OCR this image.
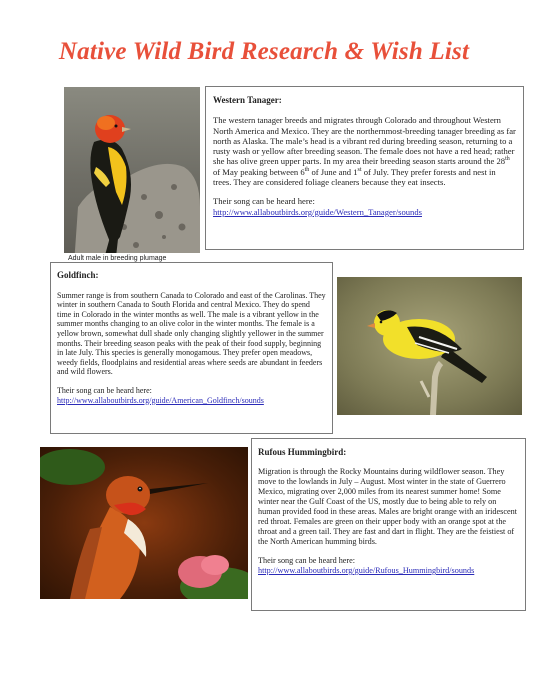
Native Wild Bird Research & Wish List
Adult male in breeding plumage
Western Tanager:

The western tanager breeds and migrates through Colorado and throughout Western North America and Mexico. They are the northernmost-breeding tanager breeding as far north as Alaska. The male’s head is a vibrant red during breeding season, returning to a rusty wash or yellow after breeding season. The female does not have a red head; rather she has olive green upper parts. In my area their breeding season starts around the 28th of May peaking between 6th of June and 1st of July. They prefer forests and nest in trees. They are considered foliage cleaners because they eat insects.

Their song can be heard here:

http://www.allaboutbirds.org/guide/Western_Tanager/sounds

Goldfinch:

Summer range is from southern Canada to Colorado and east of the Carolinas. They winter in southern Canada to South Florida and central Mexico. They do spend time in Colorado in the winter months as well. The male is a vibrant yellow in the summer months changing to an olive color in the winter months. The female is a yellow brown, somewhat dull shade only changing slightly yellower in the summer months. Their breeding season peaks with the peak of their food supply, beginning in late July. This species is generally monogamous. They prefer open meadows, weedy fields, floodplains and residential areas where seeds are abundant in feeders and wild flowers.

Their song can be heard here:

http://www.allaboutbirds.org/guide/American_Goldfinch/sounds

Rufous Hummingbird:

Migration is through the Rocky Mountains during wildflower season. They move to the lowlands in July – August. Most winter in the state of Guerrero Mexico, migrating over 2,000 miles from its nearest summer home! Some winter near the Gulf Coast of the US, mostly due to being able to rely on human provided food in these areas. Males are bright orange with an iridescent red throat. Females are green on their upper body with an orange spot at the throat and a green tail. They are fast and dart in flight. They are the feistiest of the North American humming birds.

Their song can be heard here:

http://www.allaboutbirds.org/guide/Rufous_Hummingbird/sounds
